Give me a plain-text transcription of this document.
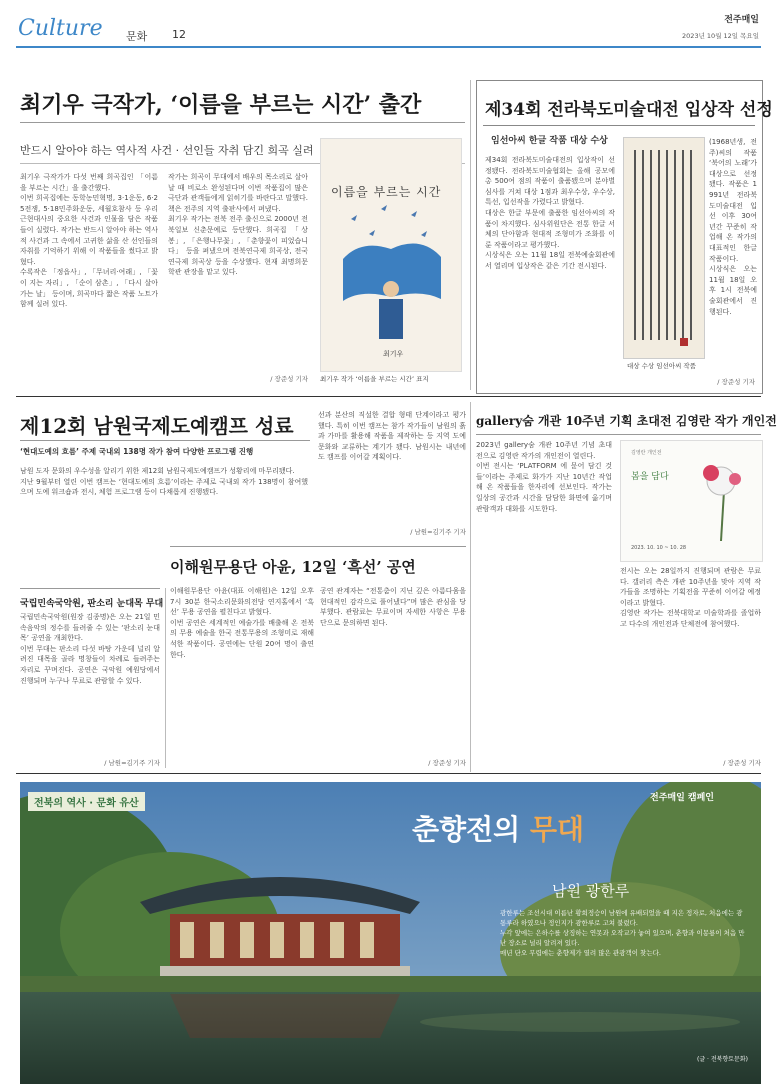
Culture 문화 12
전주매일
2023년 10월 12일 목요일
최기우 극작가, ‘이름을 부르는 시간’ 출간
반드시 알아야 하는 역사적 사건 · 선인들 자취 담긴 희곡 실려
최기우 극작가가 다섯 번째 희곡집인 「이름을 부르는 시간」을 출간했다.
이번 희곡집에는 동학농민혁명, 3·1운동, 6·25전쟁, 5·18민주화운동, 세월호참사 등 우리 근현대사의 중요한 사건과 인물을 담은 작품들이 실렸다. 작가는 반드시 알아야 하는 역사적 사건과 그 속에서 고귀한 삶을 산 선인들의 자취를 기억하기 위해 이 작품들을 썼다고 밝혔다.
수록작은 「정읍사」, 「무녀리·여래」, 「꽃이 지는 자리」, 「순이 삼촌」, 「다시 살아가는 날」 등이며, 희곡마다 짧은 작품 노트가 함께 실려 있다.
작가는 희곡이 무대에서 배우의 목소리로 살아날 때 비로소 완성된다며 이번 작품집이 많은 극단과 관객들에게 읽히기를 바란다고 말했다. 책은 전주의 지역 출판사에서 펴냈다.
최기우 작가는 전북 전주 출신으로 2000년 전북일보 신춘문예로 등단했다. 희곡집 「상봉」, 「은행나무꽃」, 「춘향꽃이 피었습니다」 등을 펴냈으며 전북연극제 희곡상, 전국연극제 희곡상 등을 수상했다. 현재 최명희문학관 관장을 맡고 있다.
이름을 부르는 시간
최기우
최기우 작가 ‘이름을 부르는 시간’ 표지
/ 장준성 기자
제34회 전라북도미술대전 입상작 선정
임선아씨 한글 작품 대상 수상
제34회 전라북도미술대전의 입상작이 선정됐다. 전라북도미술협회는 올해 공모에 총 500여 점의 작품이 출품됐으며 분야별 심사를 거쳐 대상 1점과 최우수상, 우수상, 특선, 입선작을 가렸다고 밝혔다.
대상은 한글 부문에 출품한 임선아씨의 작품이 차지했다. 심사위원단은 전통 한글 서체의 단아함과 현대적 조형미가 조화를 이룬 작품이라고 평가했다.
시상식은 오는 11월 18일 전북예술회관에서 열리며 입상작은 같은 기간 전시된다.
대상 수상 임선아씨 작품
(1968년생, 전주)씨의 작품 ‘북어의 노래’가 대상으로 선정됐다. 작품은 1991년 전라북도미술대전 입선 이후 30여 년간 꾸준히 작업해 온 작가의 대표적인 한글 작품이다.
시상식은 오는 11월 18일 오후 1시 전북예술회관에서 진행된다.
/ 장준성 기자
제12회 남원국제도예캠프 성료
‘현대도예의 흐름’ 주제 국내외 138명 작가 참여 다양한 프로그램 진행
남원 도자 문화의 우수성을 알리기 위한 제12회 남원국제도예캠프가 성황리에 마무리됐다.
지난 9월부터 열린 이번 캠프는 ‘현대도예의 흐름’이라는 주제로 국내외 작가 138명이 참여했으며 도예 워크숍과 전시, 체험 프로그램 등이 다채롭게 진행됐다.
선과 분산의 직설한 결합 형태 단계이라고 평가했다. 특히 이번 캠프는 참가 작가들이 남원의 흙과 가마를 활용해 작품을 제작하는 등 지역 도예 문화와 교류하는 계기가 됐다. 남원시는 내년에도 캠프를 이어갈 계획이다.
/ 남원=김기주 기자
국립민속국악원, 판소리 눈대목 무대
국립민속국악원(원장 김종명)은 오는 21일 민속음악의 정수를 들려줄 수 있는 ‘판소리 눈대목’ 공연을 개최한다.
이번 무대는 판소리 다섯 바탕 가운데 널리 알려진 대목을 골라 명창들이 차례로 들려주는 자리로 꾸며진다. 공연은 국악원 예원당에서 진행되며 누구나 무료로 관람할 수 있다.
/ 남원=김기주 기자
이해원무용단 아윤, 12일 ‘흑선’ 공연
이해원무용단 아윤(대표 이해원)은 12일 오후 7시 30분 한국소리문화의전당 연지홀에서 ‘흑선’ 무용 공연을 펼친다고 밝혔다.
이번 공연은 세계적인 예술가를 배출해 온 전북의 무용 예술을 한국 전통무용의 조형미로 재해석한 작품이다. 공연에는 단원 20여 명이 출연한다.
공연 관계자는 “전통춤이 지닌 깊은 아름다움을 현대적인 감각으로 풀어냈다”며 많은 관심을 당부했다. 관람료는 무료이며 자세한 사항은 무용단으로 문의하면 된다.
/ 장준성 기자
gallery숨 개관 10주년 기획 초대전 김영란 작가 개인전
2023년 gallery숨 개관 10주년 기념 초대전으로 김영란 작가의 개인전이 열린다.
이번 전시는 ‘PLATFORM 에 묻어 담긴 것들’이라는 주제로 화가가 지난 10년간 작업해 온 작품들을 한자리에 선보인다. 작가는 일상의 공간과 시간을 담담한 화면에 옮기며 관람객과 대화를 시도한다.
김영란 개인전
봄을 담다
2023. 10. 10 ~ 10. 28
전시는 오는 28일까지 진행되며 관람은 무료다. 갤러리 측은 개관 10주년을 맞아 지역 작가들을 조명하는 기획전을 꾸준히 이어갈 예정이라고 밝혔다.
김영란 작가는 전북대학교 미술학과를 졸업하고 다수의 개인전과 단체전에 참여했다.
/ 장준성 기자
전북의 역사 · 문화 유산	전주매일 캠페인
춘향전의 무대
남원 광한루
광한루는 조선시대 이름난 황희정승이 남원에 유배되었을 때 지은 정자로, 처음에는 광통루라 하였으나 정인지가 광한루로 고쳐 불렀다.
누각 앞에는 은하수를 상징하는 연못과 오작교가 놓여 있으며, 춘향과 이몽룡이 처음 만난 장소로 널리 알려져 있다.
매년 단오 무렵에는 춘향제가 열려 많은 관광객이 찾는다.
(글 · 전북향토문화)
